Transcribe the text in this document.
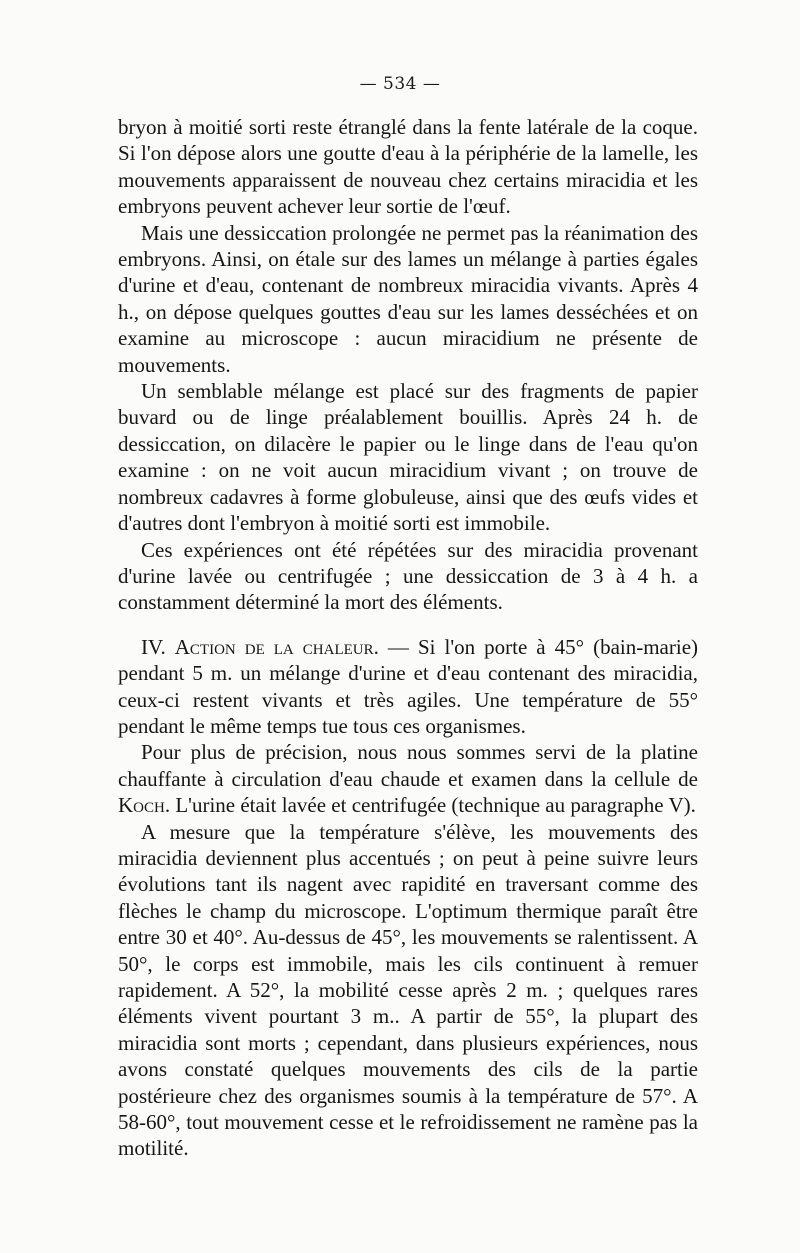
— 534 —

bryon à moitié sorti reste étranglé dans la fente latérale de la coque. Si l'on dépose alors une goutte d'eau à la périphérie de la lamelle, les mouvements apparaissent de nouveau chez certains miracidia et les embryons peuvent achever leur sortie de l'œuf.

Mais une dessiccation prolongée ne permet pas la réanimation des embryons. Ainsi, on étale sur des lames un mélange à parties égales d'urine et d'eau, contenant de nombreux miracidia vivants. Après 4 h., on dépose quelques gouttes d'eau sur les lames desséchées et on examine au microscope : aucun miracidium ne présente de mouvements.

Un semblable mélange est placé sur des fragments de papier buvard ou de linge préalablement bouillis. Après 24 h. de dessiccation, on dilacère le papier ou le linge dans de l'eau qu'on examine : on ne voit aucun miracidium vivant ; on trouve de nombreux cadavres à forme globuleuse, ainsi que des œufs vides et d'autres dont l'embryon à moitié sorti est immobile.

Ces expériences ont été répétées sur des miracidia provenant d'urine lavée ou centrifugée ; une dessiccation de 3 à 4 h. a constamment déterminé la mort des éléments.

IV. Action de la chaleur. — Si l'on porte à 45° (bain-marie) pendant 5 m. un mélange d'urine et d'eau contenant des miracidia, ceux-ci restent vivants et très agiles. Une température de 55° pendant le même temps tue tous ces organismes.

Pour plus de précision, nous nous sommes servi de la platine chauffante à circulation d'eau chaude et examen dans la cellule de Koch. L'urine était lavée et centrifugée (technique au paragraphe V).

A mesure que la température s'élève, les mouvements des miracidia deviennent plus accentués ; on peut à peine suivre leurs évolutions tant ils nagent avec rapidité en traversant comme des flèches le champ du microscope. L'optimum thermique paraît être entre 30 et 40°. Au-dessus de 45°, les mouvements se ralentissent. A 50°, le corps est immobile, mais les cils continuent à remuer rapidement. A 52°, la mobilité cesse après 2 m. ; quelques rares éléments vivent pourtant 3 m.. A partir de 55°, la plupart des miracidia sont morts ; cependant, dans plusieurs expériences, nous avons constaté quelques mouvements des cils de la partie postérieure chez des organismes soumis à la température de 57°. A 58-60°, tout mouvement cesse et le refroidissement ne ramène pas la motilité.
